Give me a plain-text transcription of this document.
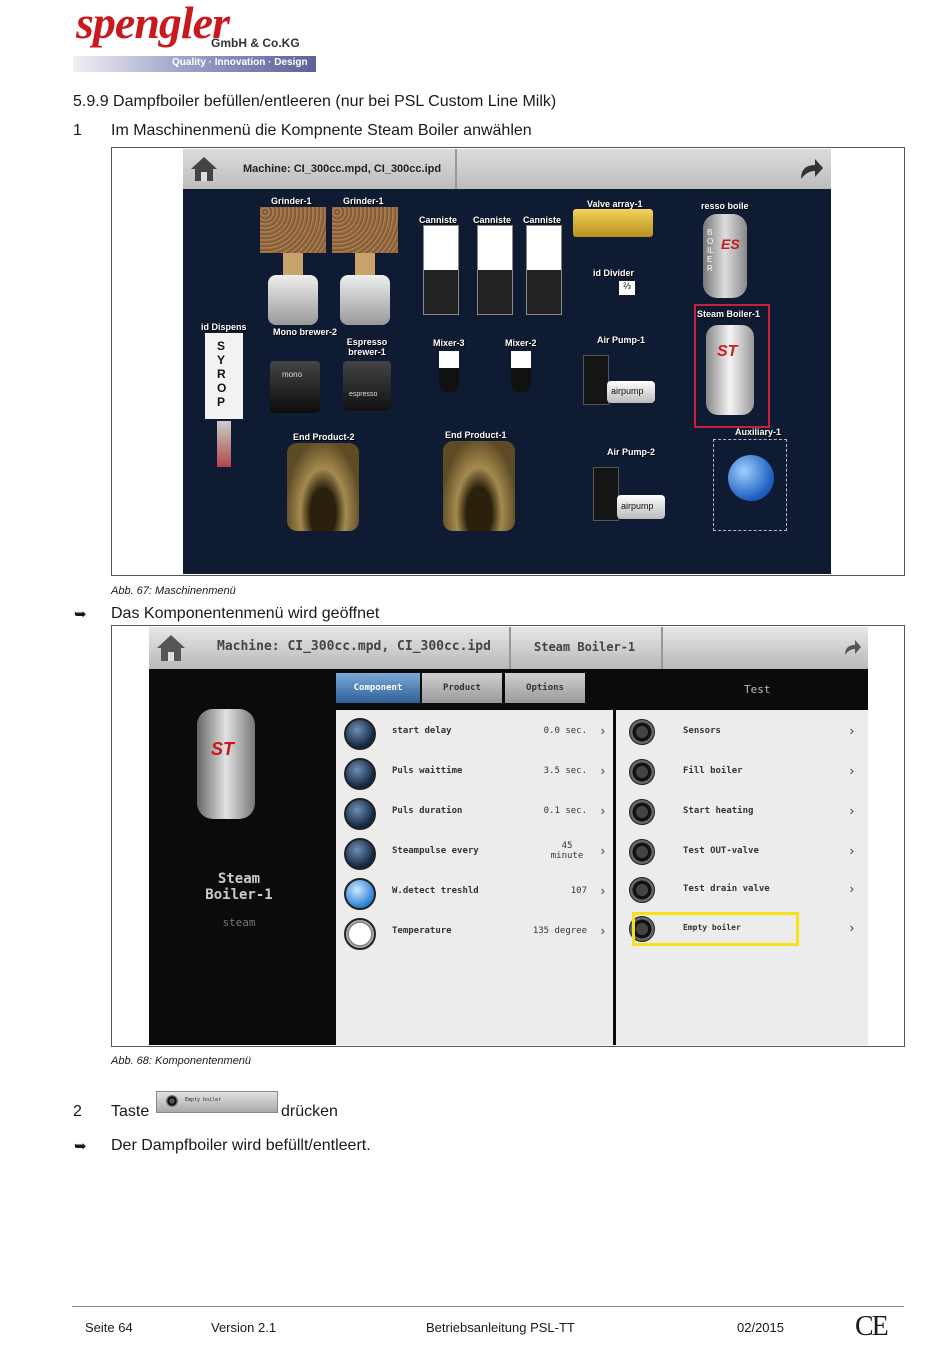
spengler
GmbH & Co.KG
Quality · Innovation · Design
5.9.9 Dampfboiler befüllen/entleeren (nur bei PSL Custom Line Milk)
1 Im Maschinenmenü die Kompnente Steam Boiler anwählen
Machine: CI_300cc.mpd, CI_300cc.ipd
Grinder-1	Grinder-1
Canniste Canniste Canniste
Valve array-1	resso boile
BOILER
ES
id Dispens
SYROP
Mono brewer-2
Espresso brewer-1
mono
espresso
Mixer-3	Mixer-2
id Divider
⅔
Air Pump-1
airpump
Steam Boiler-1
ST
End Product-2	End Product-1
Air Pump-2
airpump
Auxiliary-1
Abb. 67: Maschinenmenü
➥ Das Komponentenmenü wird geöffnet
Machine: CI_300cc.mpd, CI_300cc.ipd	Steam Boiler-1
ST
Steam Boiler-1
steam
Component	Product	Options	Test
start delay	0.0 sec. ›
Puls waittime	3.5 sec. ›
Puls duration	0.1 sec. ›
Steampulse every	45 minute ›
W.detect treshld	107 ›
Temperature	135 degree ›
Sensors	›
Fill boiler	›
Start heating	›
Test OUT-valve	›
Test drain valve	›
Empty boiler	›
Abb. 68: Komponentenmenü
2 Taste
Empty boiler
drücken
➥ Der Dampfboiler wird befüllt/entleert.
Seite 64	Version 2.1	Betriebsanleitung PSL-TT	02/2015	CE
